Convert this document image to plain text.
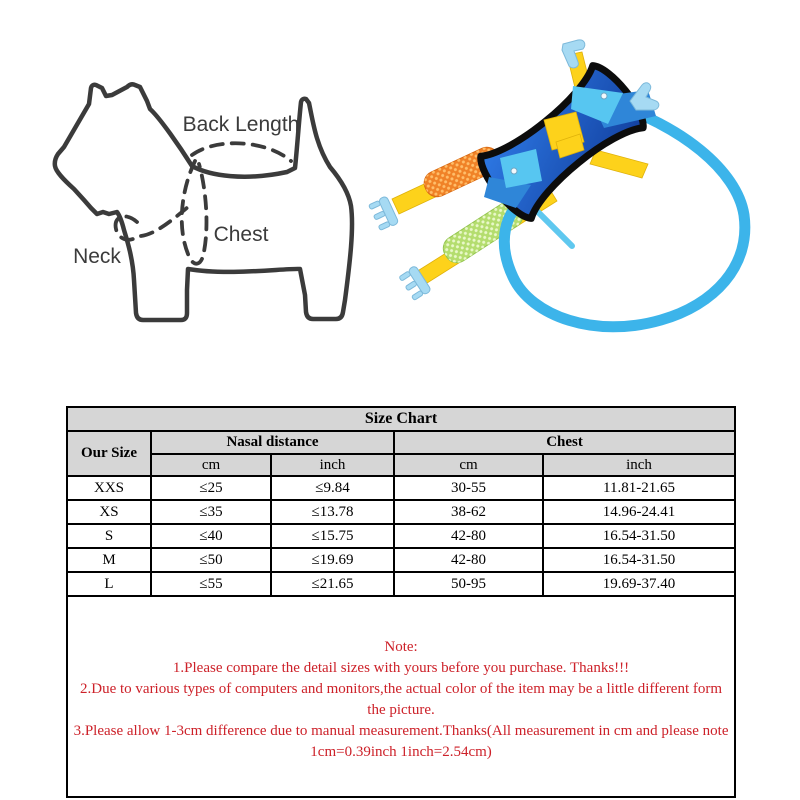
Back Length
Chest
Neck
Size Chart				
Our Size	Nasal distance		Chest	
	cm	inch	cm	inch
XXS	≤25	≤9.84	30-55	11.81-21.65
XS	≤35	≤13.78	38-62	14.96-24.41
S	≤40	≤15.75	42-80	16.54-31.50
M	≤50	≤19.69	42-80	16.54-31.50
L	≤55	≤21.65	50-95	19.69-37.40

Note:
1.Please compare the detail sizes with yours before you purchase. Thanks!!!
2.Due to various types of computers and monitors,the actual color of the item may be a little different form the picture.
3.Please allow 1-3cm difference due to manual measurement.Thanks(All measurement in cm and please note 1cm=0.39inch 1inch=2.54cm)				
